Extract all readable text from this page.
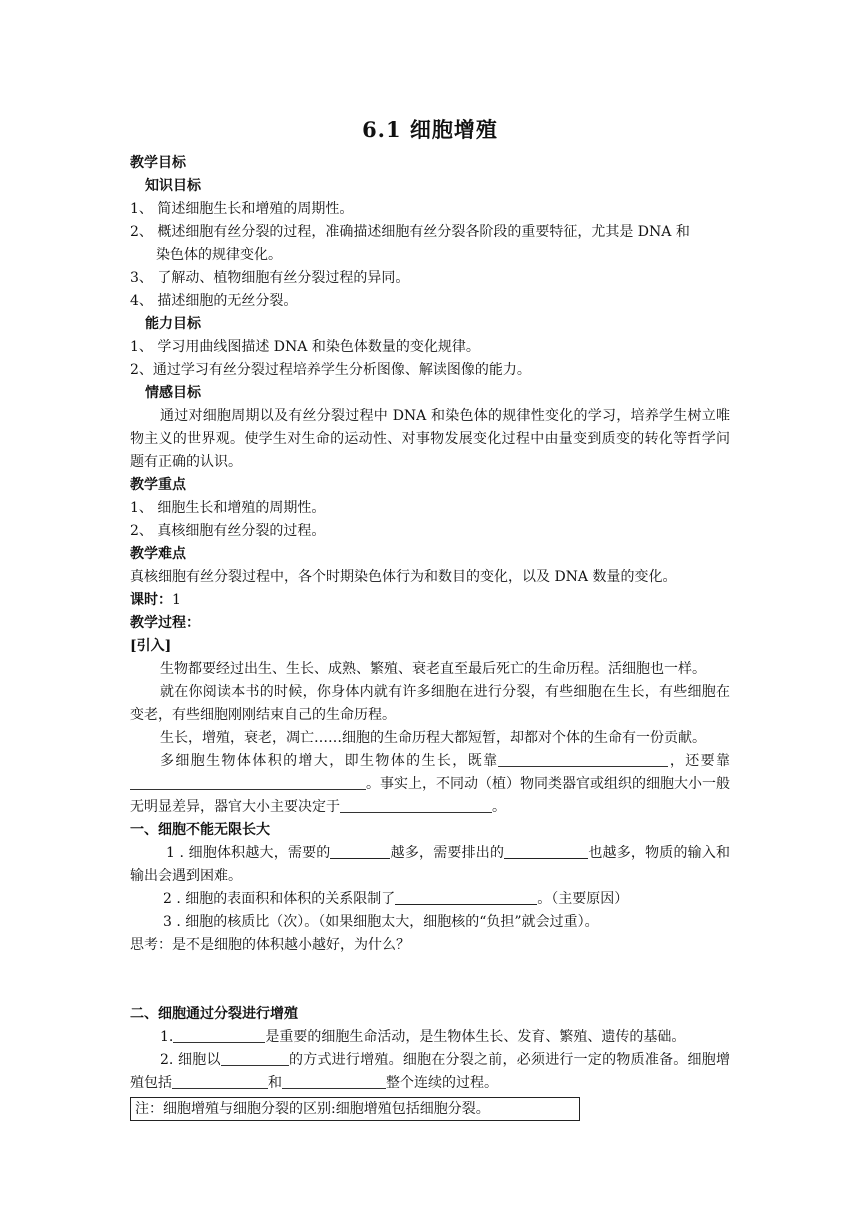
6.1 细胞增殖
教学目标
知识目标
1、 简述细胞生长和增殖的周期性。
2、 概述细胞有丝分裂的过程，准确描述细胞有丝分裂各阶段的重要特征，尤其是 DNA 和
染色体的规律变化。
3、 了解动、植物细胞有丝分裂过程的异同。
4、 描述细胞的无丝分裂。
能力目标
1、 学习用曲线图描述 DNA 和染色体数量的变化规律。
2、通过学习有丝分裂过程培养学生分析图像、解读图像的能力。
情感目标
通过对细胞周期以及有丝分裂过程中 DNA 和染色体的规律性变化的学习，培养学生树立唯物主义的世界观。使学生对生命的运动性、对事物发展变化过程中由量变到质变的转化等哲学问题有正确的认识。
教学重点
1、 细胞生长和增殖的周期性。
2、 真核细胞有丝分裂的过程。
教学难点
真核细胞有丝分裂过程中，各个时期染色体行为和数目的变化，以及 DNA 数量的变化。
课时：1
教学过程：
[引入]
生物都要经过出生、生长、成熟、繁殖、衰老直至最后死亡的生命历程。活细胞也一样。
就在你阅读本书的时候，你身体内就有许多细胞在进行分裂，有些细胞在生长，有些细胞在变老，有些细胞刚刚结束自己的生命历程。
生长，增殖，衰老，凋亡……细胞的生命历程大都短暂，却都对个体的生命有一份贡献。
多细胞生物体体积的增大，即生物体的生长，既靠	，还要靠。事实上，不同动（植）物同类器官或组织的细胞大小一般无明显差异，器官大小主要决定于	。
一、细胞不能无限长大
1 . 细胞体积越大，需要的	越多，需要排出的	也越多，物质的输入和输出会遇到困难。
2 . 细胞的表面积和体积的关系限制了	。（主要原因）
3 . 细胞的核质比（次）。（如果细胞太大，细胞核的“负担”就会过重）。
思考：是不是细胞的体积越小越好，为什么？
二、细胞通过分裂进行增殖
1.	是重要的细胞生命活动，是生物体生长、发育、繁殖、遗传的基础。
2. 细胞以	的方式进行增殖。细胞在分裂之前，必须进行一定的物质准备。细胞增殖包括	和	整个连续的过程。
注：细胞增殖与细胞分裂的区别:细胞增殖包括细胞分裂。
